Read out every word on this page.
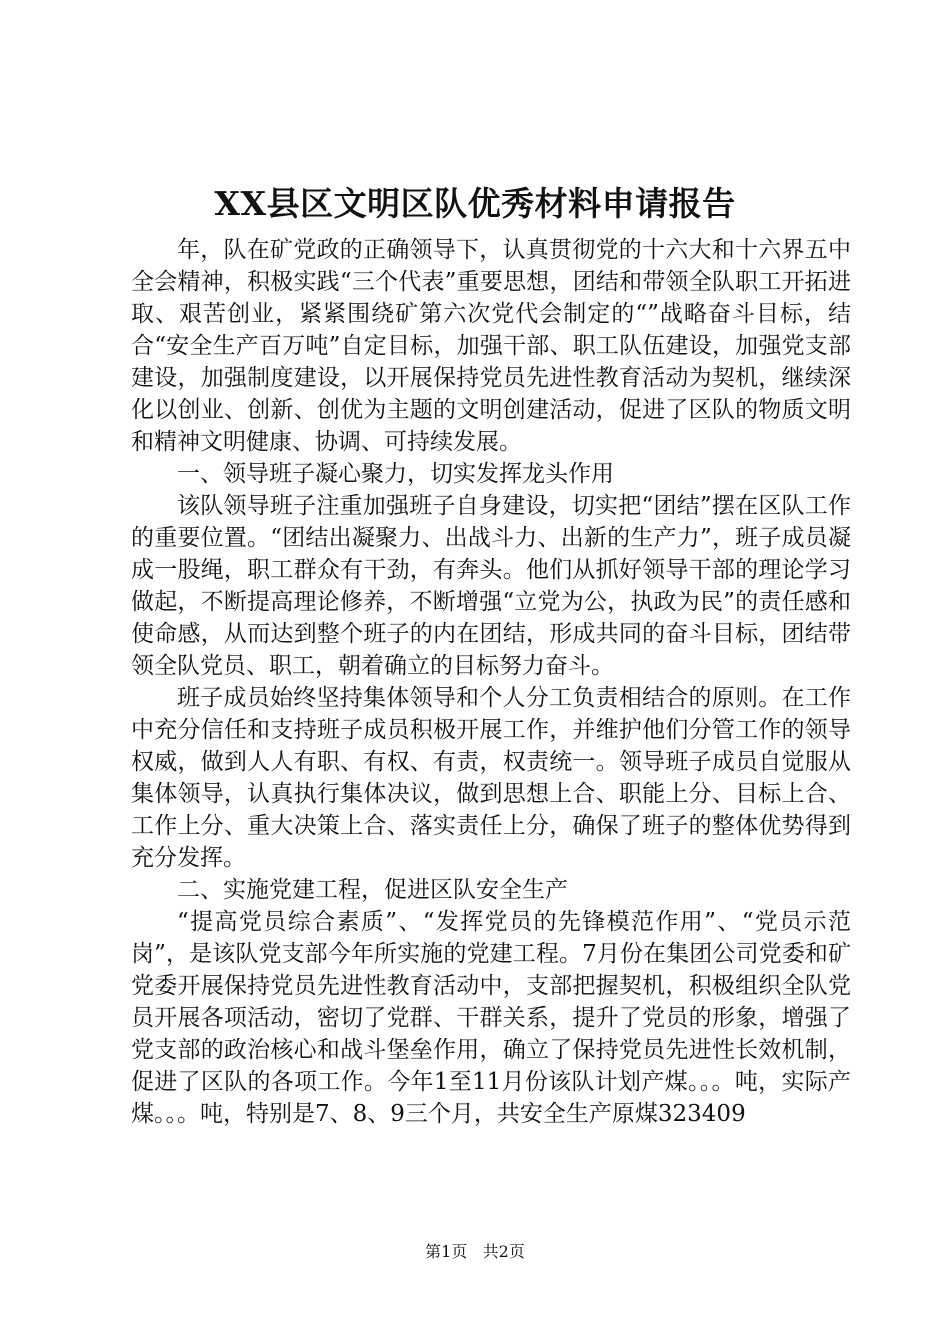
XX县区文明区队优秀材料申请报告

年，队在矿党政的正确领导下，认真贯彻党的十六大和十六界五中全会精神，积极实践“三个代表”重要思想，团结和带领全队职工开拓进取、艰苦创业，紧紧围绕矿第六次党代会制定的“”战略奋斗目标，结合“安全生产百万吨”自定目标，加强干部、职工队伍建设，加强党支部建设，加强制度建设，以开展保持党员先进性教育活动为契机，继续深化以创业、创新、创优为主题的文明创建活动，促进了区队的物质文明和精神文明健康、协调、可持续发展。

一、领导班子凝心聚力，切实发挥龙头作用

该队领导班子注重加强班子自身建设，切实把“团结”摆在区队工作的重要位置。“团结出凝聚力、出战斗力、出新的生产力”，班子成员凝成一股绳，职工群众有干劲，有奔头。他们从抓好领导干部的理论学习做起，不断提高理论修养，不断增强“立党为公，执政为民”的责任感和使命感，从而达到整个班子的内在团结，形成共同的奋斗目标，团结带领全队党员、职工，朝着确立的目标努力奋斗。

班子成员始终坚持集体领导和个人分工负责相结合的原则。在工作中充分信任和支持班子成员积极开展工作，并维护他们分管工作的领导权威，做到人人有职、有权、有责，权责统一。领导班子成员自觉服从集体领导，认真执行集体决议，做到思想上合、职能上分、目标上合、工作上分、重大决策上合、落实责任上分，确保了班子的整体优势得到充分发挥。

二、实施党建工程，促进区队安全生产

“提高党员综合素质”、“发挥党员的先锋模范作用”、“党员示范岗”，是该队党支部今年所实施的党建工程。7月份在集团公司党委和矿党委开展保持党员先进性教育活动中，支部把握契机，积极组织全队党员开展各项活动，密切了党群、干群关系，提升了党员的形象，增强了党支部的政治核心和战斗堡垒作用，确立了保持党员先进性长效机制，促进了区队的各项工作。今年1至11月份该队计划产煤。。。吨，实际产煤。。。吨，特别是7、8、9三个月，共安全生产原煤323409

第1页 共2页
